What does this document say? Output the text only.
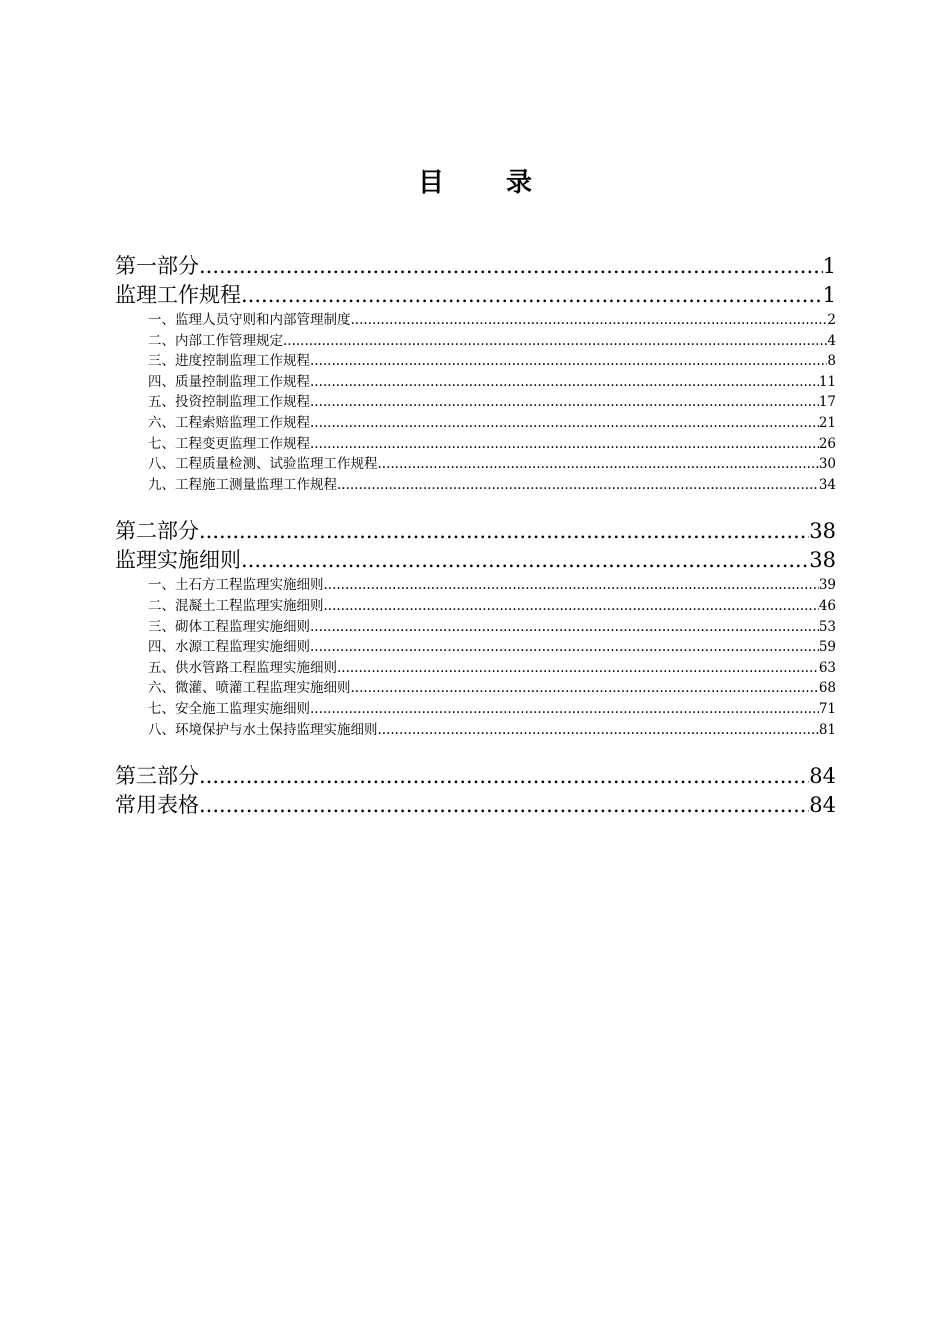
目 录
第一部分 .....	1
监理工作规程 .....	1
一、监理人员守则和内部管理制度 .....	2
二、内部工作管理规定 .....	4
三、进度控制监理工作规程 .....	8
四、质量控制监理工作规程 .....	11
五、投资控制监理工作规程 .....	17
六、工程索赔监理工作规程 .....	21
七、工程变更监理工作规程 .....	26
八、工程质量检测、试验监理工作规程 .....	30
九、工程施工测量监理工作规程 .....	34
第二部分 .....	38
监理实施细则 .....	38
一、土石方工程监理实施细则 .....	39
二、混凝土工程监理实施细则 .....	46
三、砌体工程监理实施细则 .....	53
四、水源工程监理实施细则 .....	59
五、供水管路工程监理实施细则 .....	63
六、微灌、喷灌工程监理实施细则 .....	68
七、安全施工监理实施细则 .....	71
八、环境保护与水土保持监理实施细则 .....	81
第三部分 .....	84
常用表格 .....	84
